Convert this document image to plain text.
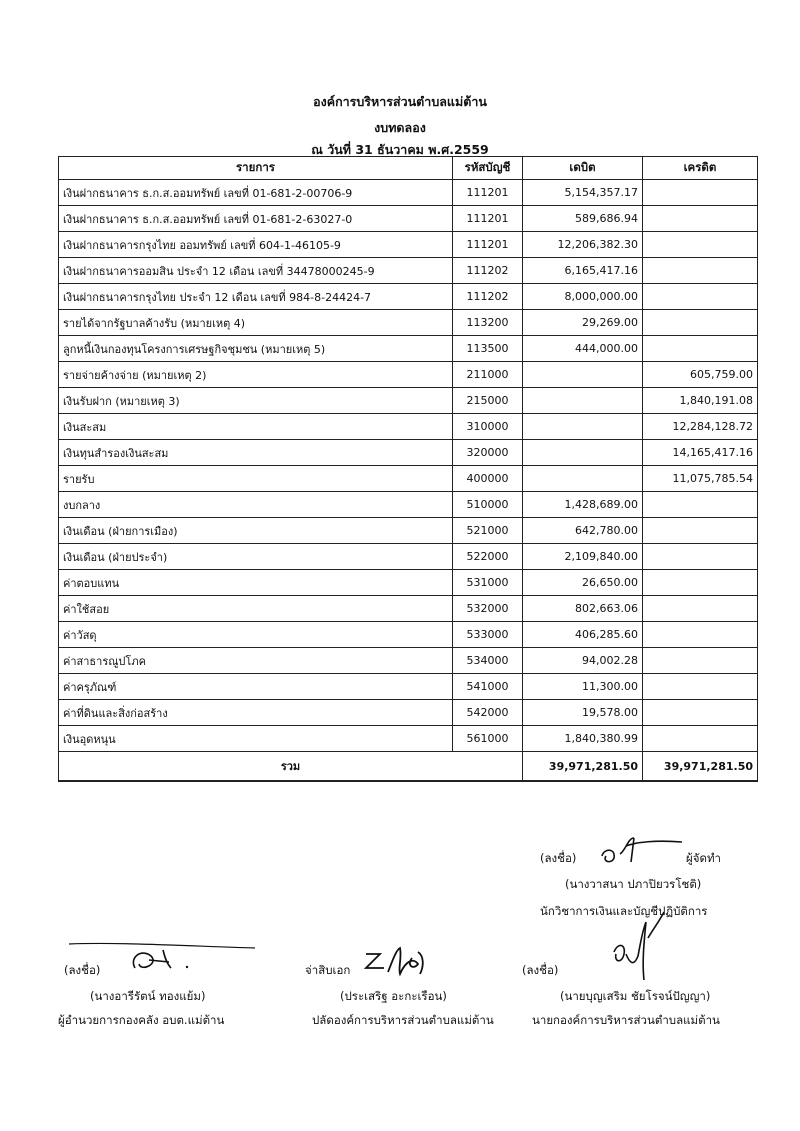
องค์การบริหารส่วนตำบลแม่ต้าน
งบทดลอง
ณ วันที่ 31 ธันวาคม พ.ศ.2559
รายการ	รหัสบัญชี	เดบิต	เครดิต
เงินฝากธนาคาร ธ.ก.ส.ออมทรัพย์ เลขที่ 01-681-2-00706-9	111201	5,154,357.17	
เงินฝากธนาคาร ธ.ก.ส.ออมทรัพย์ เลขที่ 01-681-2-63027-0	111201	589,686.94	
เงินฝากธนาคารกรุงไทย ออมทรัพย์ เลขที่ 604-1-46105-9	111201	12,206,382.30	
เงินฝากธนาคารออมสิน ประจำ 12 เดือน เลขที่ 34478000245-9	111202	6,165,417.16	
เงินฝากธนาคารกรุงไทย ประจำ 12 เดือน เลขที่ 984-8-24424-7	111202	8,000,000.00	
รายได้จากรัฐบาลค้างรับ (หมายเหตุ 4)	113200	29,269.00	
ลูกหนี้เงินกองทุนโครงการเศรษฐกิจชุมชน (หมายเหตุ 5)	113500	444,000.00	
รายจ่ายค้างจ่าย (หมายเหตุ 2)	211000		605,759.00
เงินรับฝาก (หมายเหตุ 3)	215000		1,840,191.08
เงินสะสม	310000		12,284,128.72
เงินทุนสำรองเงินสะสม	320000		14,165,417.16
รายรับ	400000		11,075,785.54
งบกลาง	510000	1,428,689.00	
เงินเดือน (ฝ่ายการเมือง)	521000	642,780.00	
เงินเดือน (ฝ่ายประจำ)	522000	2,109,840.00	
ค่าตอบแทน	531000	26,650.00	
ค่าใช้สอย	532000	802,663.06	
ค่าวัสดุ	533000	406,285.60	
ค่าสาธารณูปโภค	534000	94,002.28	
ค่าครุภัณฑ์	541000	11,300.00	
ค่าที่ดินและสิ่งก่อสร้าง	542000	19,578.00	
เงินอุดหนุน	561000	1,840,380.99	
รวม		39,971,281.50	39,971,281.50
(ลงชื่อ)	ผู้จัดทำ
(นางวาสนา ปภาปิยวรโชติ)
นักวิชาการเงินและบัญชีปฏิบัติการ
(ลงชื่อ)
(นางอารีรัตน์ ทองแย้ม)
ผู้อำนวยการกองคลัง อบต.แม่ต้าน
จ่าสิบเอก
(ประเสริฐ อะกะเรือน)
ปลัดองค์การบริหารส่วนตำบลแม่ต้าน
(ลงชื่อ)
(นายบุญเสริม ชัยโรจน์ปัญญา)
นายกองค์การบริหารส่วนตำบลแม่ต้าน
